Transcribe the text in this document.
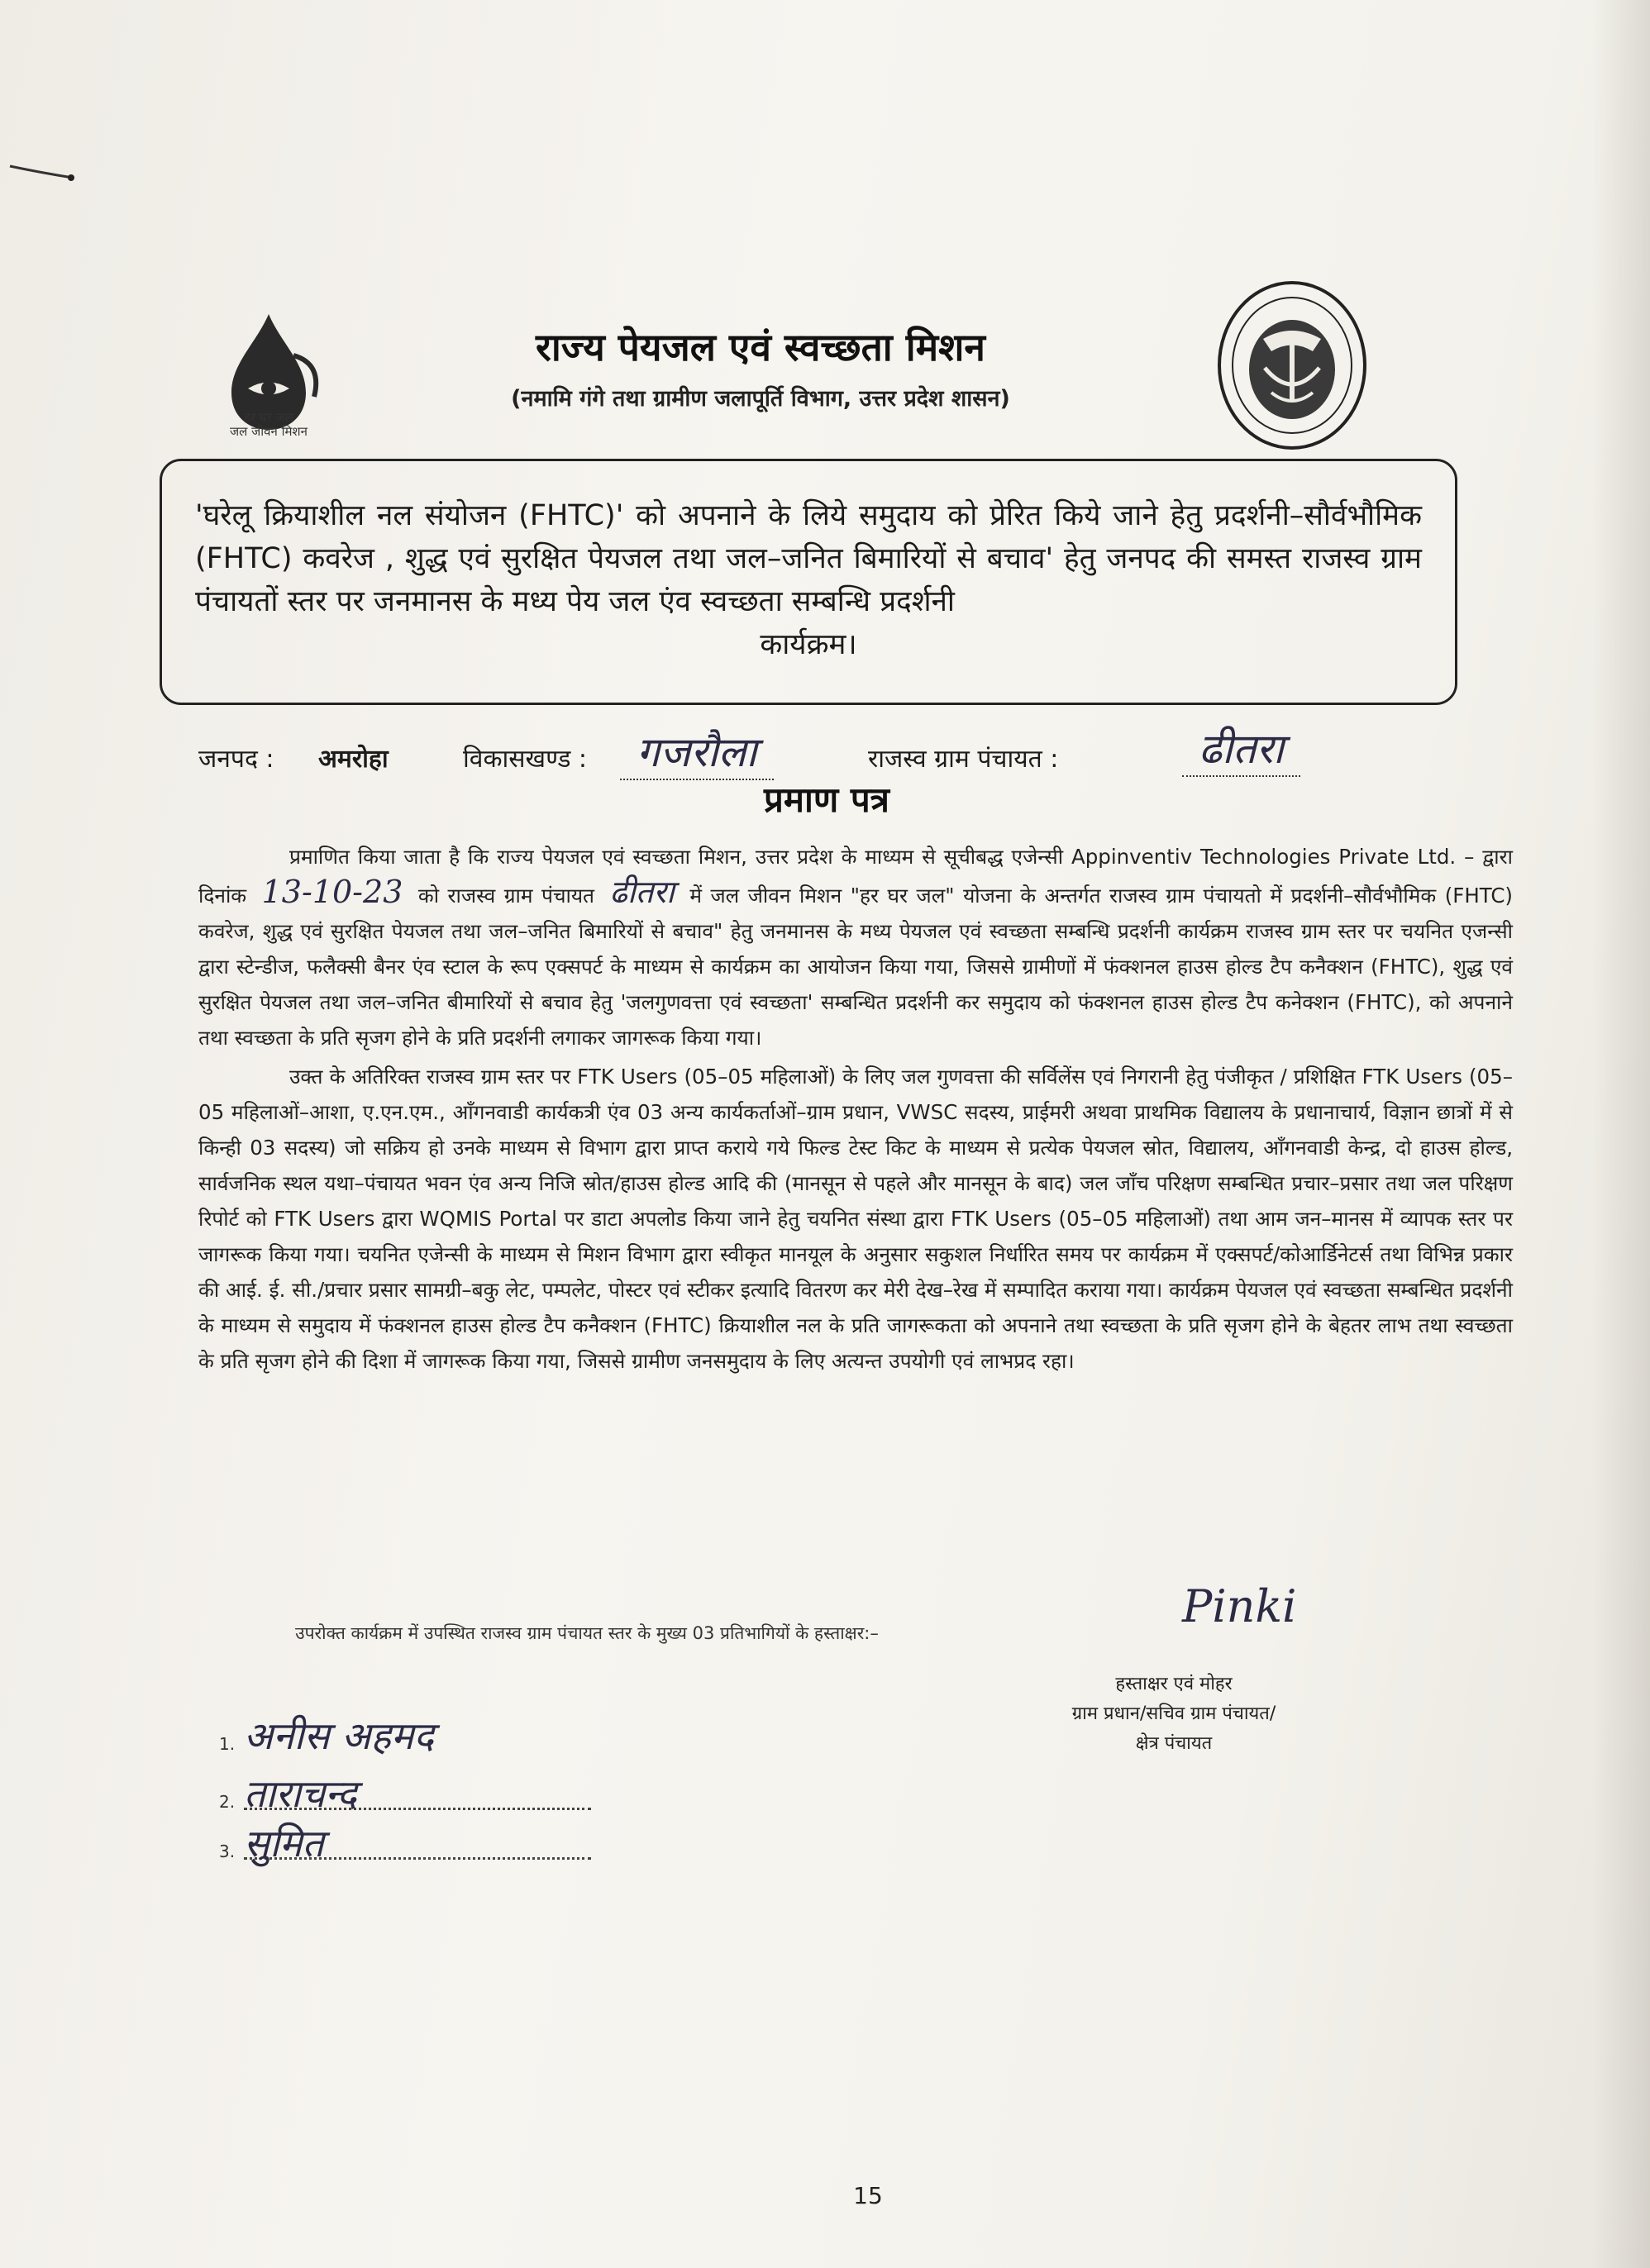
हर घर जल
जल जीवन मिशन
राज्य पेयजल एवं स्वच्छता मिशन
(नमामि गंगे तथा ग्रामीण जलापूर्ति विभाग, उत्तर प्रदेश शासन)
'घरेलू क्रियाशील नल संयोजन (FHTC)' को अपनाने के लिये समुदाय को प्रेरित किये जाने हेतु प्रदर्शनी–सौर्वभौमिक (FHTC) कवरेज , शुद्ध एवं सुरक्षित पेयजल तथा जल–जनित बिमारियों से बचाव' हेतु जनपद की समस्त राजस्व ग्राम पंचायतों स्तर पर जनमानस के मध्य पेय जल एंव स्वच्छता सम्बन्धि प्रदर्शनी
कार्यक्रम।
जनपद : अमरोहा	विकासखण्ड :	गजरौला	राजस्व ग्राम पंचायत :	ढीतरा
प्रमाण पत्र

प्रमाणित किया जाता है कि राज्य पेयजल एवं स्वच्छता मिशन, उत्तर प्रदेश के माध्यम से सूचीबद्ध एजेन्सी Appinventiv Technologies Private Ltd. – द्वारा दिनांक 13-10-23 को राजस्व ग्राम पंचायत ढीतरा में जल जीवन मिशन "हर घर जल" योजना के अन्तर्गत राजस्व ग्राम पंचायतो में प्रदर्शनी–सौर्वभौमिक (FHTC) कवरेज, शुद्ध एवं सुरक्षित पेयजल तथा जल–जनित बिमारियों से बचाव" हेतु जनमानस के मध्य पेयजल एवं स्वच्छता सम्बन्धि प्रदर्शनी कार्यक्रम राजस्व ग्राम स्तर पर चयनित एजन्सी द्वारा स्टेन्डीज, फलैक्सी बैनर एंव स्टाल के रूप एक्सपर्ट के माध्यम से कार्यक्रम का आयोजन किया गया, जिससे ग्रामीणों में फंक्शनल हाउस होल्ड टैप कनैक्शन (FHTC), शुद्ध एवं सुरक्षित पेयजल तथा जल–जनित बीमारियों से बचाव हेतु 'जलगुणवत्ता एवं स्वच्छता' सम्बन्धित प्रदर्शनी कर समुदाय को फंक्शनल हाउस होल्ड टैप कनेक्शन (FHTC), को अपनाने तथा स्वच्छता के प्रति सृजग होने के प्रति प्रदर्शनी लगाकर जागरूक किया गया।

उक्त के अतिरिक्त राजस्व ग्राम स्तर पर FTK Users (05–05 महिलाओं) के लिए जल गुणवत्ता की सर्विलेंस एवं निगरानी हेतु पंजीकृत / प्रशिक्षित FTK Users (05–05 महिलाओं–आशा, ए.एन.एम., आँगनवाडी कार्यकत्री एंव 03 अन्य कार्यकर्ताओं–ग्राम प्रधान, VWSC सदस्य, प्राईमरी अथवा प्राथमिक विद्यालय के प्रधानाचार्य, विज्ञान छात्रों में से किन्ही 03 सदस्य) जो सक्रिय हो उनके माध्यम से विभाग द्वारा प्राप्त कराये गये फिल्ड टेस्ट किट के माध्यम से प्रत्येक पेयजल स्रोत, विद्यालय, आँगनवाडी केन्द्र, दो हाउस होल्ड, सार्वजनिक स्थल यथा–पंचायत भवन एंव अन्य निजि स्रोत/हाउस होल्ड आदि की (मानसून से पहले और मानसून के बाद) जल जाँच परिक्षण सम्बन्धित प्रचार–प्रसार तथा जल परिक्षण रिपोर्ट को FTK Users द्वारा WQMIS Portal पर डाटा अपलोड किया जाने हेतु चयनित संस्था द्वारा FTK Users (05–05 महिलाओं) तथा आम जन–मानस में व्यापक स्तर पर जागरूक किया गया। चयनित एजेन्सी के माध्यम से मिशन विभाग द्वारा स्वीकृत मानयूल के अनुसार सकुशल निर्धारित समय पर कार्यक्रम में एक्सपर्ट/कोआर्डिनेटर्स तथा विभिन्न प्रकार की आई. ई. सी./प्रचार प्रसार सामग्री–बकु लेट, पम्पलेट, पोस्टर एवं स्टीकर इत्यादि वितरण कर मेरी देख–रेख में सम्पादित कराया गया। कार्यक्रम पेयजल एवं स्वच्छता सम्बन्धित प्रदर्शनी के माध्यम से समुदाय में फंक्शनल हाउस होल्ड टैप कनैक्शन (FHTC) क्रियाशील नल के प्रति जागरूकता को अपनाने तथा स्वच्छता के प्रति सृजग होने के बेहतर लाभ तथा स्वच्छता के प्रति सृजग होने की दिशा में जागरूक किया गया, जिससे ग्रामीण जनसमुदाय के लिए अत्यन्त उपयोगी एवं लाभप्रद रहा।

उपरोक्त कार्यक्रम में उपस्थित राजस्व ग्राम पंचायत स्तर के मुख्य 03 प्रतिभागियों के हस्ताक्षर:–
1. अनीस अहमद
2. ताराचन्द
3. सुमित
Pinki
हस्ताक्षर एवं मोहर
ग्राम प्रधान/सचिव ग्राम पंचायत/
क्षेत्र पंचायत
15
